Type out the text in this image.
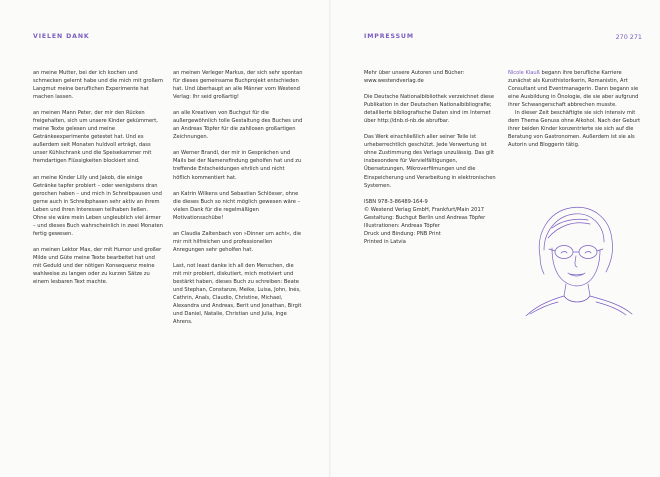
VIELEN DANK

an meine Mutter, bei der ich kochen und schmecken gelernt habe und die mich mit großem Langmut meine beruflichen Experimente hat machen lassen.

an meinen Mann Peter, der mir den Rücken freigehalten, sich um unsere Kinder gekümmert, meine Texte gelesen und meine Getränkeexperimente getestet hat. Und es außerdem seit Monaten huldvoll erträgt, dass unser Kühlschrank und die Speisekammer mit fremdartigen Flüssigkeiten blockiert sind.

an meine Kinder Lilly und Jakob, die einige Getränke tapfer probiert – oder wenigstens dran gerochen haben – und mich in Schreibpausen und gerne auch in Schreibphasen sehr aktiv an ihrem Leben und ihren Interessen teilhaben ließen. Ohne sie wäre mein Leben ungleublich viel ärmer – und dieses Buch wahrscheinlich in zwei Monaten fertig gewesen.

an meinen Lektor Max, der mit Humor und großer Milde und Güte meine Texte bearbeitet hat und mit Geduld und der nötigen Konsequenz meine wahlweise zu langen oder zu kurzen Sätze zu einem lesbaren Text machte.

an meinen Verleger Markus, der sich sehr spontan für dieses gemeinsame Buchprojekt entschieden hat. Und überhaupt an alle Männer vom Westend Verlag: Ihr seid großartig!

an alle Kreativen von Buchgut für die außergewöhnlich tolle Gestaltung des Buches und an Andreas Töpfer für die zahllosen großartigen Zeichnungen.

an Werner Brandl, der mir in Gesprächen und Mails bei der Namensfindung geholfen hat und zu treffende Entscheidungen ehrlich und nicht höflich kommentiert hat.

an Katrin Wilkens und Sebastian Schlösser, ohne die dieses Buch so nicht möglich gewesen wäre – vielen Dank für die regelmäßigen Motivationsschübe!

an Claudia Zaltenbach von »Dinner um acht«, die mir mit hilfreichen und professionellen Anregungen sehr geholfen hat.

Last, not least danke ich all den Menschen, die mit mir probiert, diskutiert, mich motiviert und bestärkt haben, dieses Buch zu schreiben: Beate und Stephan, Constanze, Meike, Luisa, John, Inés, Cathrin, Anaïs, Claudio, Christine, Michael, Alexandra und Andreas, Berit und Jonathan, Birgit und Daniel, Natalie, Christian und Julia, Inge Ahrens.

IMPRESSUM	270 271
Mehr über unsere Autoren und Bücher:

www.westendverlag.de

Die Deutsche Nationalbibliothek verzeichnet diese Publikation in der Deutschen Nationalbibliografie; detaillierte bibliografische Daten sind im Internet über http://dnb.d-nb.de abrufbar.

Das Werk einschließlich aller seiner Teile ist urheberrechtlich geschützt. Jede Verwertung ist ohne Zustimmung des Verlags unzulässig. Das gilt insbesondere für Vervielfältigungen, Übersetzungen, Mikroverfilmungen und die Einspeicherung und Verarbeitung in elektronischen Systemen.

ISBN 978-3-86489-164-9
© Westend Verlag GmbH, Frankfurt/Main 2017
Gestaltung: Buchgut Berlin und Andreas Töpfer
Illustrationen: Andreas Töpfer
Druck und Bindung: PNB Print
Printed in Latvia
Nicole Klauß begann ihre berufliche Karriere zunächst als Kunsthistorikerin, Romanistin, Art Consultant und Eventmanagerin. Dann begann sie eine Ausbildung in Önologie, die sie aber aufgrund ihrer Schwangerschaft abbrechen musste.
In dieser Zeit beschäftigte sie sich intensiv mit dem Thema Genuss ohne Alkohol. Nach der Geburt ihrer beiden Kinder konzentrierte sie sich auf die Beratung von Gastronomen. Außerdem ist sie als Autorin und Bloggerin tätig.
